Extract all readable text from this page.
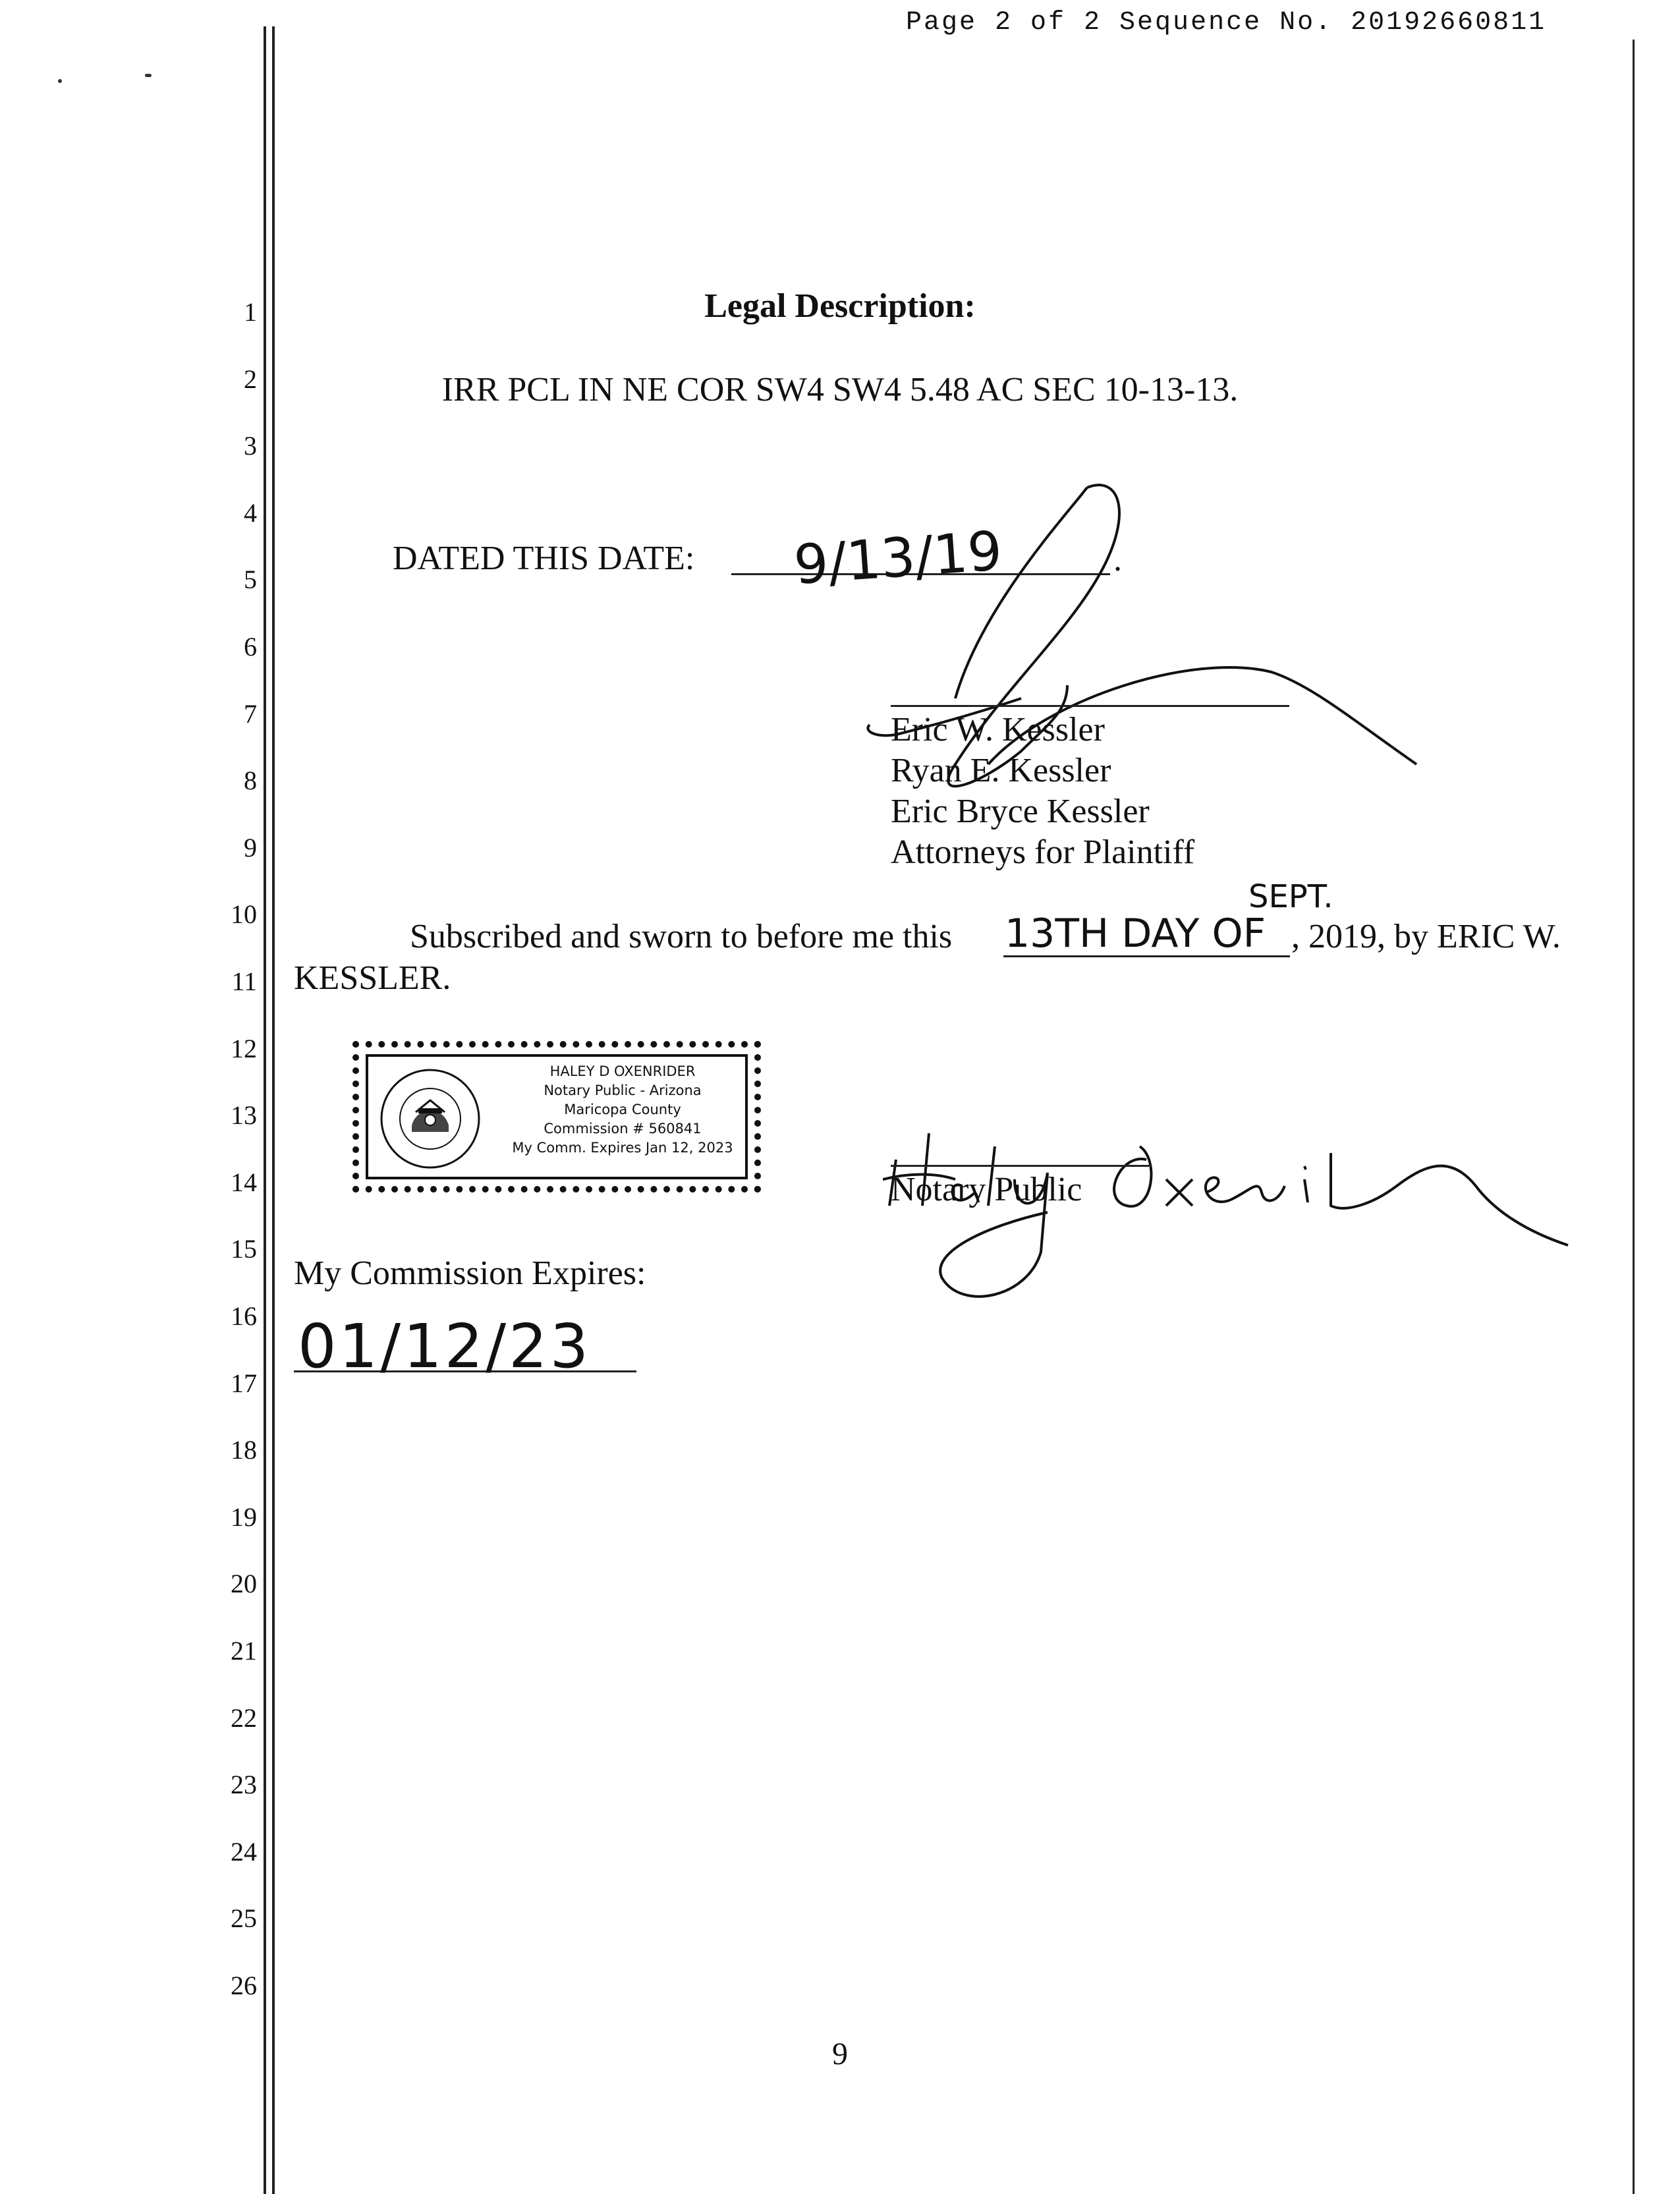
Page 2 of 2 Sequence No. 20192660811
1
2
3
4
5
6
7
8
9
10
11
12
13
14
15
16
17
18
19
20
21
22
23
24
25
26
Legal Description:
IRR PCL IN NE COR SW4 SW4 5.48 AC SEC 10-13-13.
DATED THIS DATE: 9/13/19	.
Eric W. Kessler
Ryan E. Kessler
Eric Bryce Kessler
Attorneys for Plaintiff
Subscribed and sworn to before me this 13TH DAY OF
SEPT.
, 2019, by ERIC W.
KESSLER.
HALEY D OXENRIDER
Notary Public - Arizona
Maricopa County
Commission # 560841
My Comm. Expires Jan 12, 2023
Notary Public
My Commission Expires:
01/12/23
9
